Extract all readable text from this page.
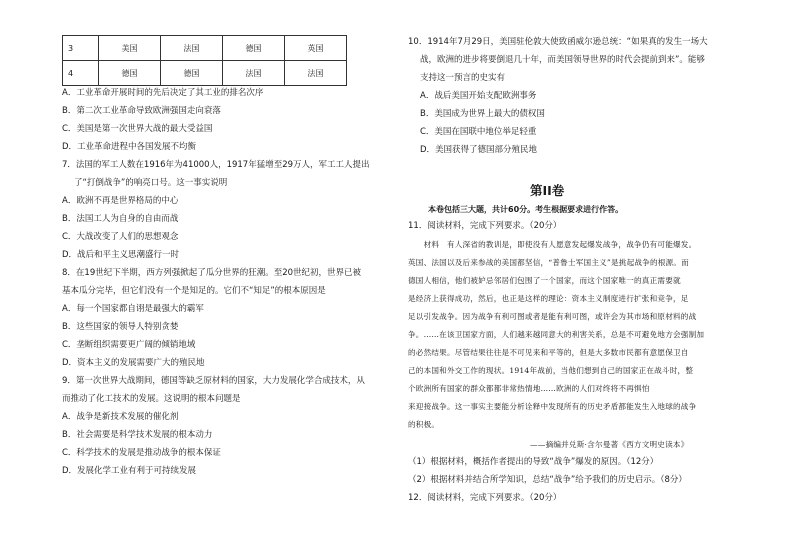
3	美国	法国	德国	英国
4	德国	德国	法国	法国
A．工业革命开展时间的先后决定了其工业的排名次序
B．第二次工业革命导致欧洲强国走向衰落
C．美国是第一次世界大战的最大受益国
D．工业革命进程中各国发展不均衡
7．法国的军工人数在1916年为41000人，1917年猛增至29万人，军工工人提出
了“打倒战争”的响亮口号。这一事实说明
A．欧洲不再是世界格局的中心
B．法国工人为自身的自由而战
C．大战改变了人们的思想观念
D．战后和平主义思潮盛行一时
8．在19世纪下半期，西方列强掀起了瓜分世界的狂潮。至20世纪初，世界已被
基本瓜分完毕，但它们没有一个是知足的。它们不“知足”的根本原因是
A．每一个国家都自诩是最强大的霸军
B．这些国家的领导人特别贪婪
C．垄断组织需要更广阔的倾销地域
D．资本主义的发展需要广大的殖民地
9．第一次世界大战期间，德国等缺乏原材料的国家，大力发展化学合成技术，从
而推动了化工技术的发展。这说明的根本问题是
A．战争是新技术发展的催化剂
B．社会需要是科学技术发展的根本动力
C．科学技术的发展是推动战争的根本保证
D．发展化学工业有利于可持续发展
10．1914年7月29日，美国驻伦敦大使致函威尔逊总统：“如果真的发生一场大
战，欧洲的进步将要倒退几十年，而美国领导世界的时代会提前到来”。能够
支持这一预言的史实有
A．战后美国开始支配欧洲事务
B．美国成为世界上最大的债权国
C．美国在国联中地位举足轻重
D．美国获得了德国部分殖民地
第II卷
本卷包括三大题，共计60分。考生根据要求进行作答。
11．阅读材料，完成下列要求。（20分）
　　材料　有人深省的教训是，即使没有人愿意发起爆发战争，战争仍有可能爆发。
英国、法国以及后来参战的美国都坚信，“普鲁士军国主义”是挑起战争的根源。而
德国人相信，他们被妒忌邻居们包围了一个国家，而这个国家唯一的真正需要就
是经济上获得成功，然后，也正是这样的理论：资本主义制度进行扩张和竞争，足
足以引发战争。因为战争有利可图或者是能有利可图，或许会为其市场和原材料的战
争。……在该卫国家方面，人们越来越同意大的利害关系，总是不可避免地方会强制加
的必然结果。尽管结果往往是不可见来和平等的，但是大多数市民都有意愿保卫自
己的本国和外交工作的现状。1914年战前，当他们想到自己的国家正在战斗时，整
个欧洲所有国家的群众都都非常热情地……欧洲的人们对终将不再惧怕
来迎接战争。这一事实主要能分析诠释中发现所有的历史矛盾都能发生入地球的战争
的积极。
——摘编并兑斯·含尔曼著《西方文明史读本》
（1）根据材料，概括作者提出的导致“战争”爆发的原因。（12分）
（2）根据材料并结合所学知识，总结“战争”给予我们的历史启示。（8分）
12．阅读材料，完成下列要求。（20分）
